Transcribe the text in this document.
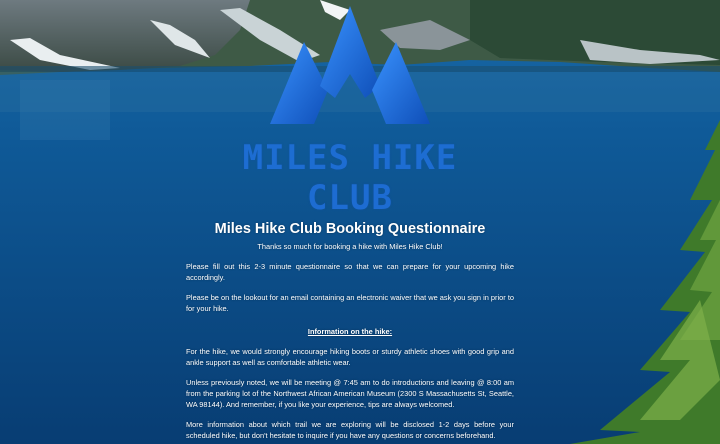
MILES HIKE CLUB
Miles Hike Club Booking Questionnaire

Thanks so much for booking a hike with Miles Hike Club!

Please fill out this 2-3 minute questionnaire so that we can prepare for your upcoming hike accordingly.

Please be on the lookout for an email containing an electronic waiver that we ask you sign in prior to for your hike.

Information on the hike:

For the hike, we would strongly encourage hiking boots or sturdy athletic shoes with good grip and ankle support as well as comfortable athletic wear.

Unless previously noted, we will be meeting @ 7:45 am to do introductions and leaving @ 8:00 am from the parking lot of the Northwest African American Museum (2300 S Massachusetts St, Seattle, WA 98144). And remember, if you like your experience, tips are always welcomed.

More information about which trail we are exploring will be disclosed 1-2 days before your scheduled hike, but don't hesitate to inquire if you have any questions or concerns beforehand.
